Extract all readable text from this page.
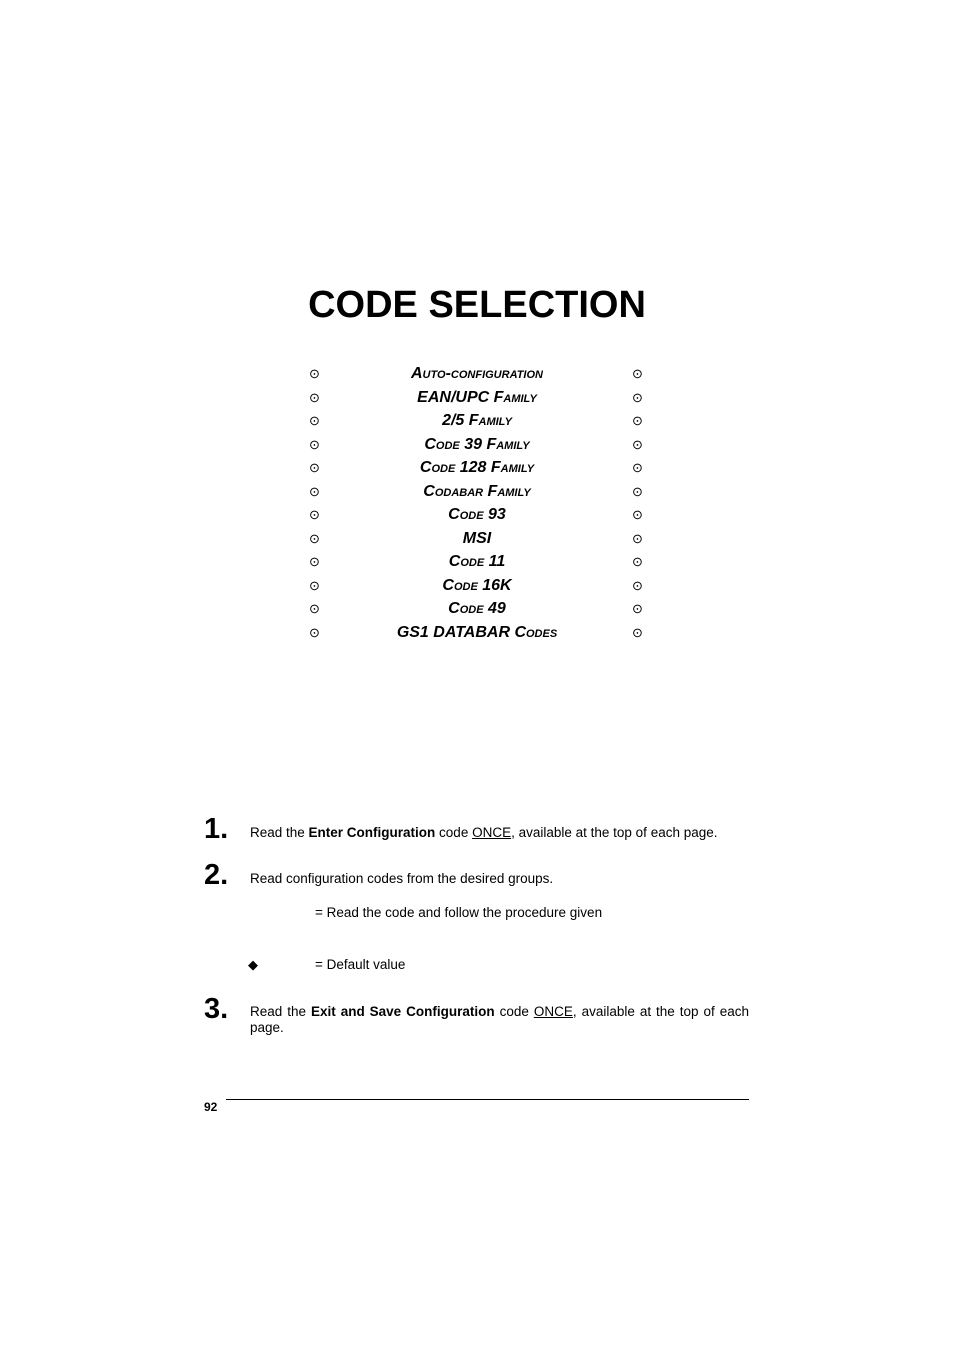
CODE SELECTION
⊙	Auto-configuration	⊙
⊙	EAN/UPC Family	⊙
⊙	2/5 Family	⊙
⊙	Code 39 Family	⊙
⊙	Code 128 Family	⊙
⊙	Codabar Family	⊙
⊙	Code 93	⊙
⊙	MSI	⊙
⊙	Code 11	⊙
⊙	Code 16K	⊙
⊙	Code 49	⊙
⊙	GS1 DATABAR Codes	⊙
1. Read the Enter Configuration code ONCE, available at the top of each page.
2. Read configuration codes from the desired groups.
= Read the code and follow the procedure given
◆	= Default value
3. Read the Exit and Save Configuration code ONCE, available at the top of each page.
92
